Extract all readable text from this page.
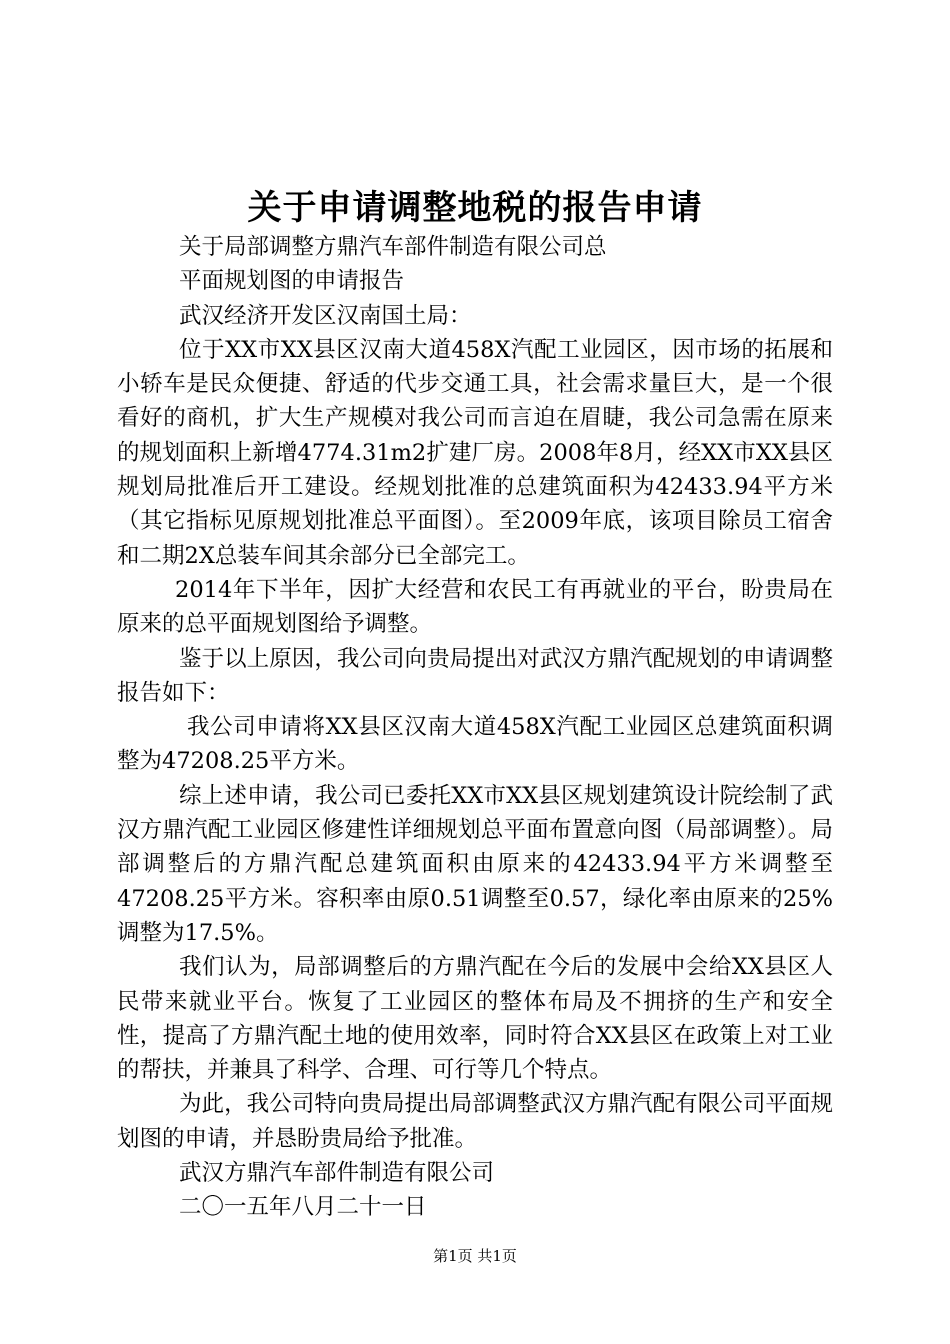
关于申请调整地税的报告申请

关于局部调整方鼎汽车部件制造有限公司总

平面规划图的申请报告

武汉经济开发区汉南国土局：

位于XX市XX县区汉南大道458X汽配工业园区，因市场的拓展和小轿车是民众便捷、舒适的代步交通工具，社会需求量巨大，是一个很看好的商机，扩大生产规模对我公司而言迫在眉睫，我公司急需在原来的规划面积上新增4774.31m2扩建厂房。2008年8月，经XX市XX县区规划局批准后开工建设。经规划批准的总建筑面积为42433.94平方米（其它指标见原规划批准总平面图）。至2009年底，该项目除员工宿舍和二期2X总装车间其余部分已全部完工。

2014年下半年，因扩大经营和农民工有再就业的平台，盼贵局在原来的总平面规划图给予调整。

鉴于以上原因，我公司向贵局提出对武汉方鼎汽配规划的申请调整报告如下：

我公司申请将XX县区汉南大道458X汽配工业园区总建筑面积调整为47208.25平方米。

综上述申请，我公司已委托XX市XX县区规划建筑设计院绘制了武汉方鼎汽配工业园区修建性详细规划总平面布置意向图（局部调整）。局部调整后的方鼎汽配总建筑面积由原来的42433.94平方米调整至47208.25平方米。容积率由原0.51调整至0.57，绿化率由原来的25%调整为17.5%。

我们认为，局部调整后的方鼎汽配在今后的发展中会给XX县区人民带来就业平台。恢复了工业园区的整体布局及不拥挤的生产和安全性，提高了方鼎汽配土地的使用效率，同时符合XX县区在政策上对工业的帮扶，并兼具了科学、合理、可行等几个特点。

为此，我公司特向贵局提出局部调整武汉方鼎汽配有限公司平面规划图的申请，并恳盼贵局给予批准。

武汉方鼎汽车部件制造有限公司

二〇一五年八月二十一日

第1页 共1页
